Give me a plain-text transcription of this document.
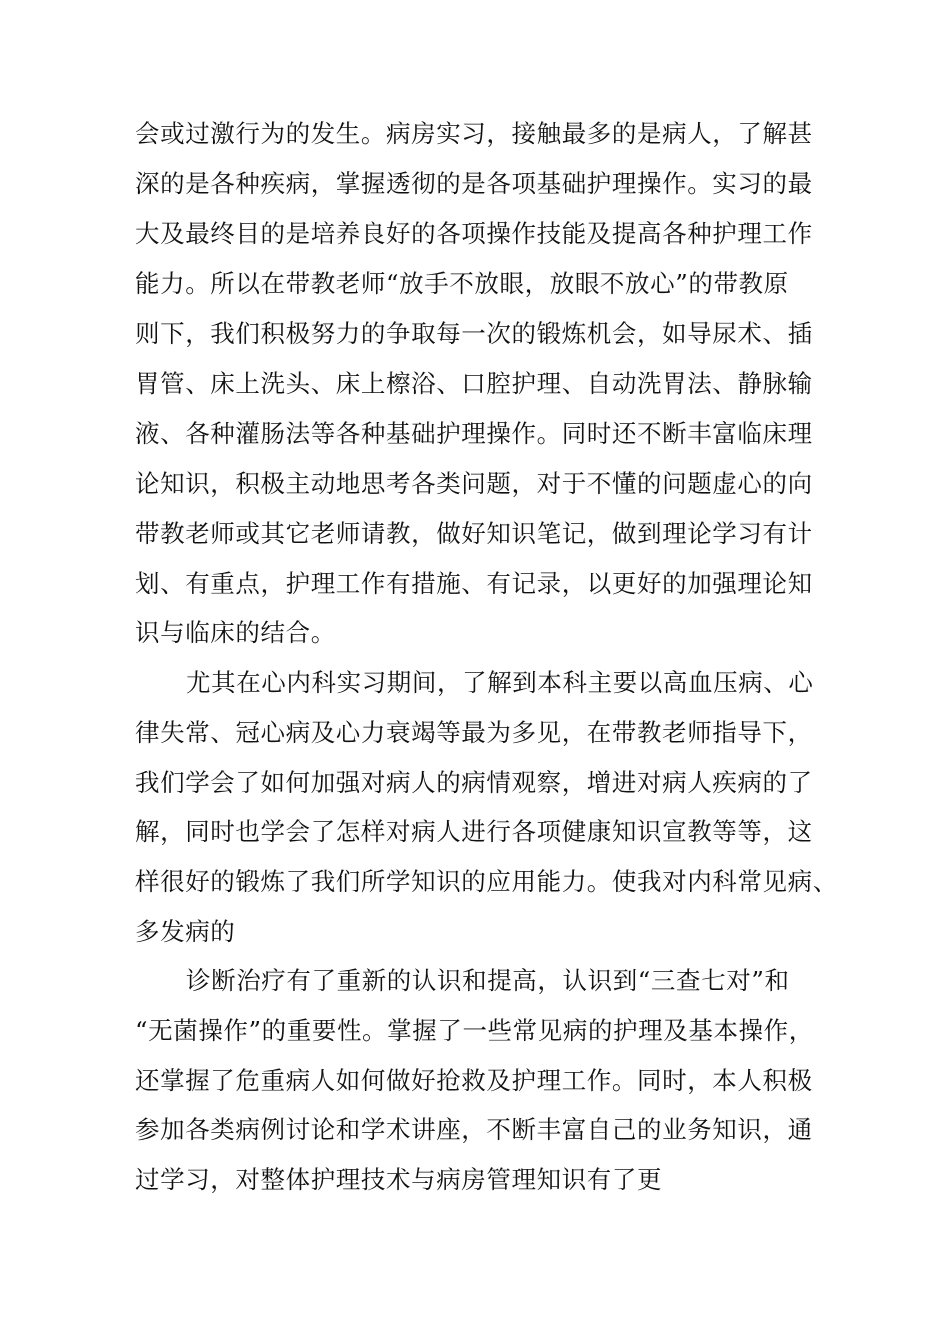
会或过激行为的发生。病房实习，接触最多的是病人，了解甚
深的是各种疾病，掌握透彻的是各项基础护理操作。实习的最
大及最终目的是培养良好的各项操作技能及提高各种护理工作
能力。所以在带教老师“放手不放眼，放眼不放心”的带教原
则下，我们积极努力的争取每一次的锻炼机会，如导尿术、插
胃管、床上洗头、床上檫浴、口腔护理、自动洗胃法、静脉输
液、各种灌肠法等各种基础护理操作。同时还不断丰富临床理
论知识，积极主动地思考各类问题，对于不懂的问题虚心的向
带教老师或其它老师请教，做好知识笔记，做到理论学习有计
划、有重点，护理工作有措施、有记录，以更好的加强理论知
识与临床的结合。
尤其在心内科实习期间，了解到本科主要以高血压病、心
律失常、冠心病及心力衰竭等最为多见，在带教老师指导下，
我们学会了如何加强对病人的病情观察，增进对病人疾病的了
解，同时也学会了怎样对病人进行各项健康知识宣教等等，这
样很好的锻炼了我们所学知识的应用能力。使我对内科常见病、
多发病的
诊断治疗有了重新的认识和提高，认识到“三查七对”和
“无菌操作”的重要性。掌握了一些常见病的护理及基本操作，
还掌握了危重病人如何做好抢救及护理工作。同时，本人积极
参加各类病例讨论和学术讲座，不断丰富自己的业务知识，通
过学习，对整体护理技术与病房管理知识有了更
